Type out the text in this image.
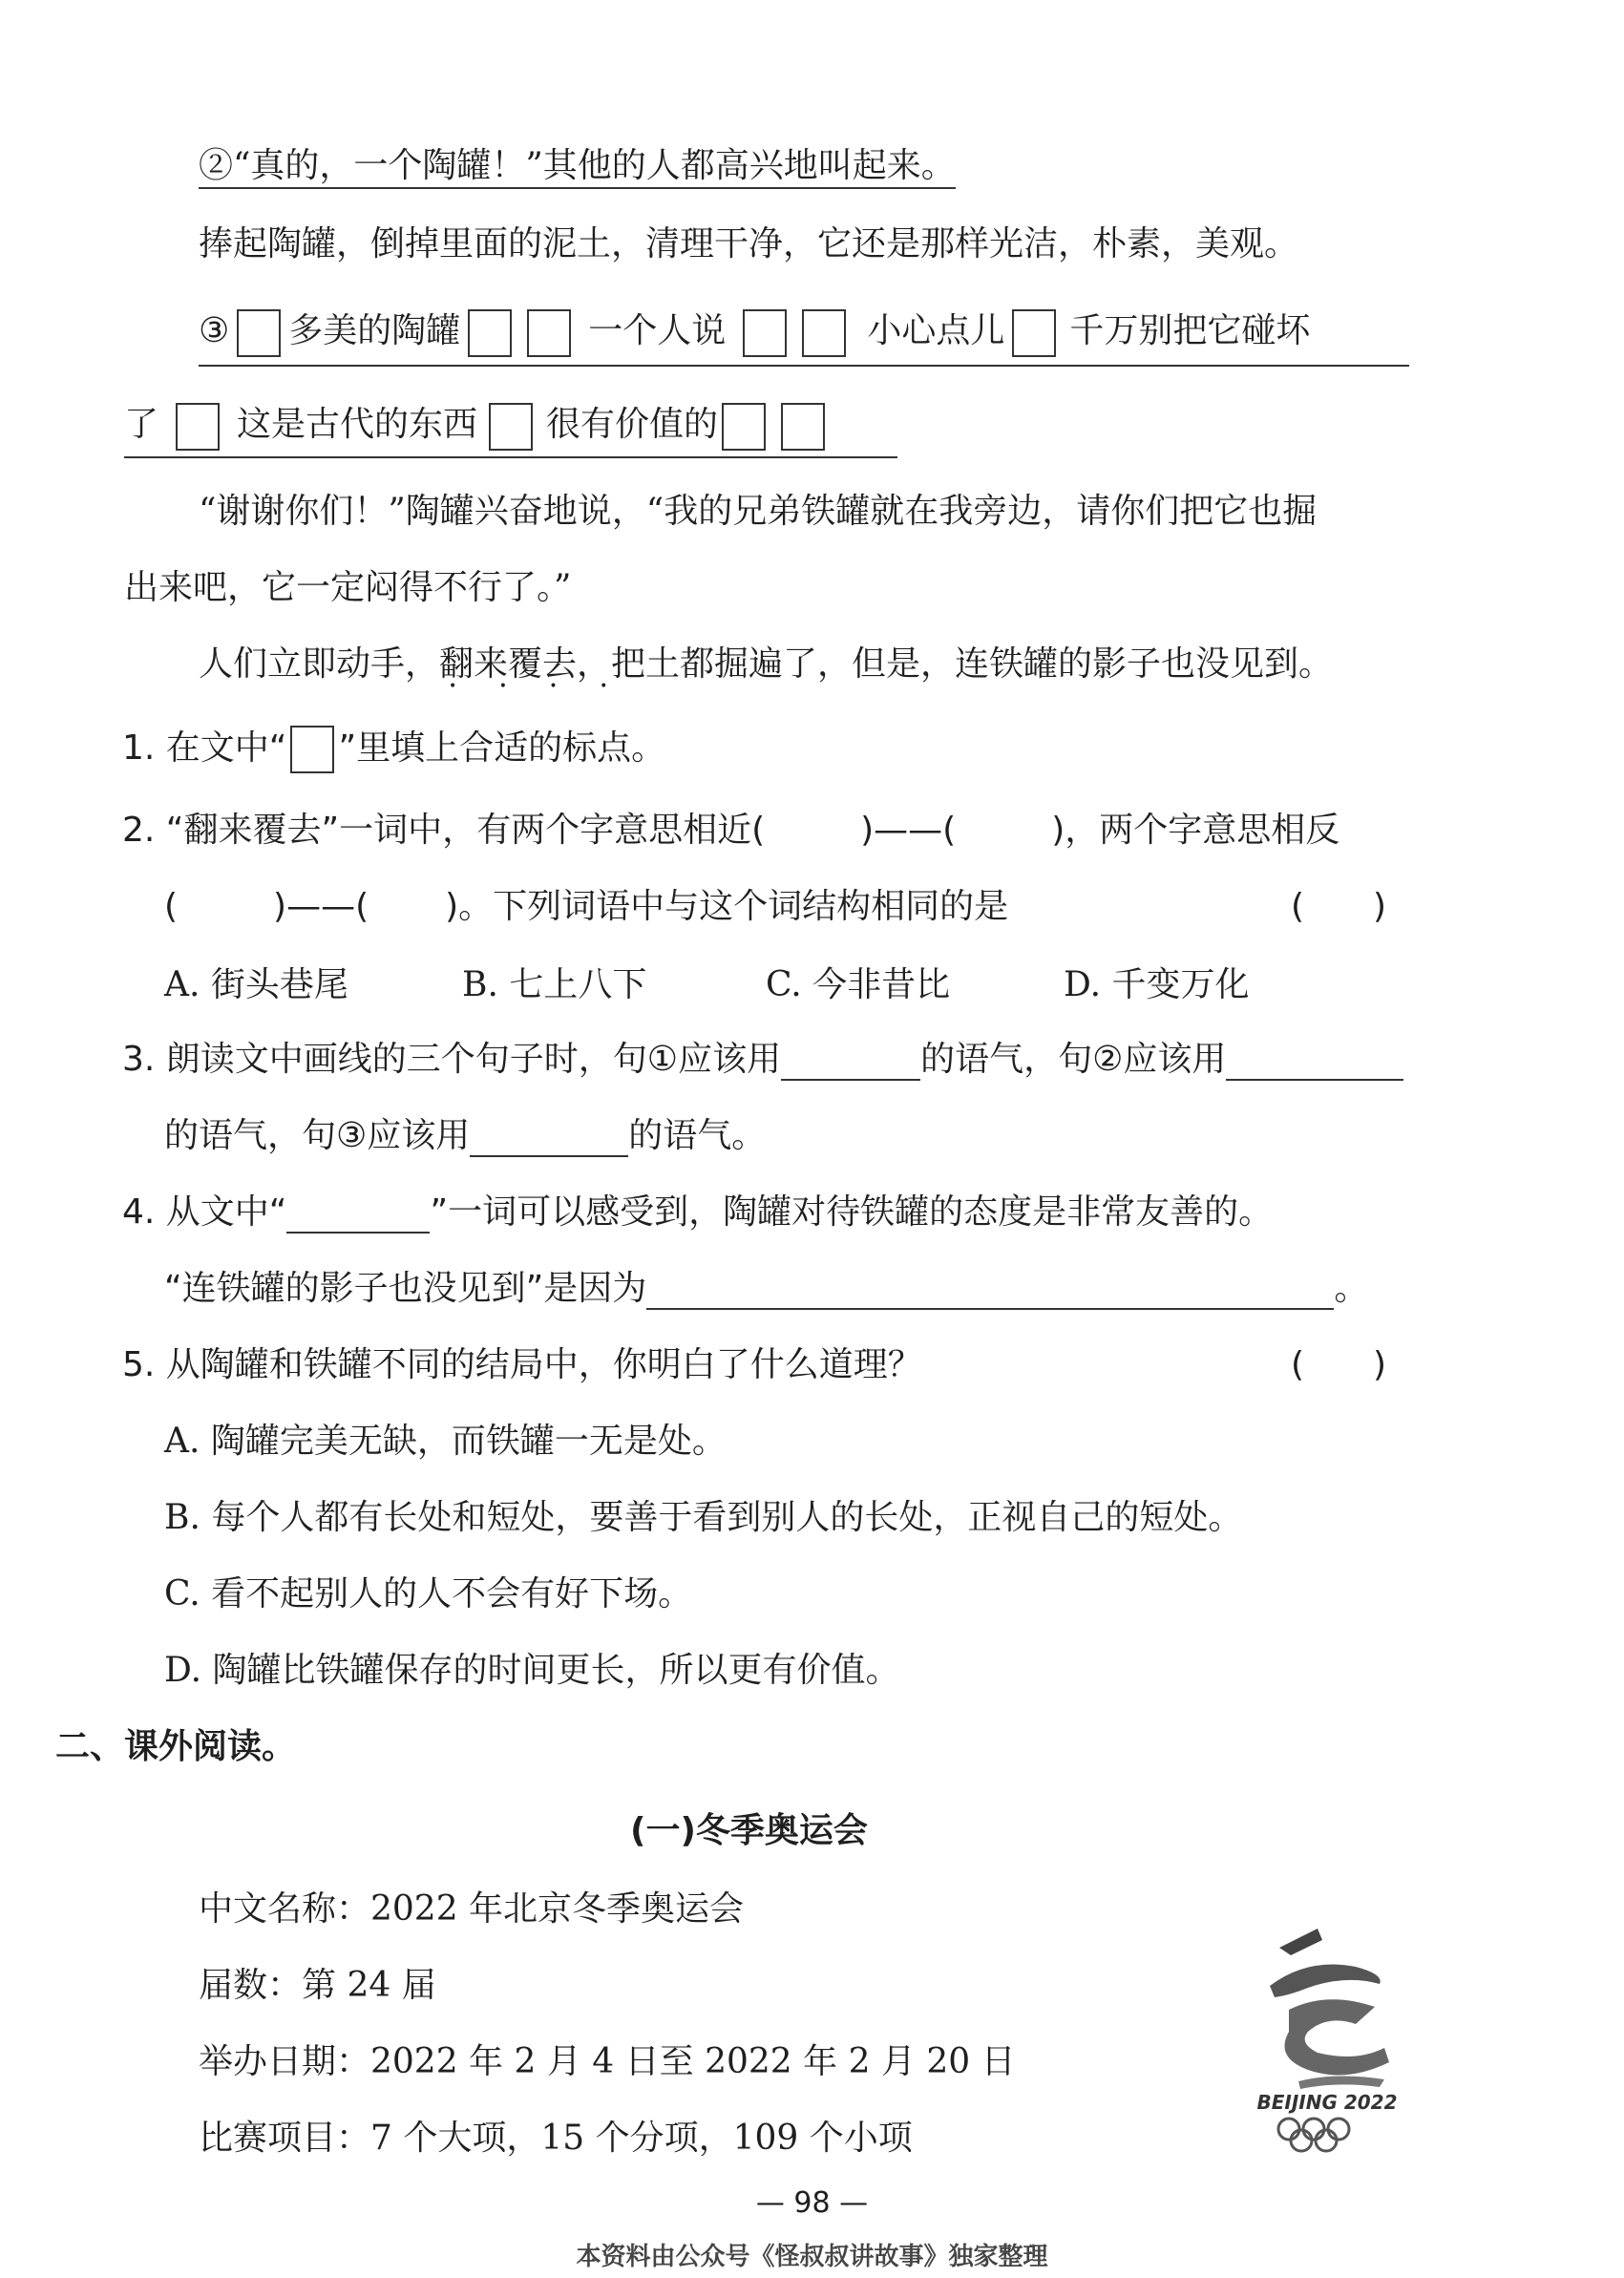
②“真的，一个陶罐！”其他的人都高兴地叫起来。
捧起陶罐，倒掉里面的泥土，清理干净，它还是那样光洁，朴素，美观。
③ 多美的陶罐	一个人说	小心点儿 千万别把它碰坏
了 这是古代的东西 很有价值的
“谢谢你们！”陶罐兴奋地说，“我的兄弟铁罐就在我旁边，请你们把它也掘
出来吧，它一定闷得不行了。”
人们立即动手，翻来覆去 • • • •，把土都掘遍了，但是，连铁罐的影子也没见到。
1. 在文中“ ”里填上合适的标点。
2. “翻来覆去”一词中，有两个字意思相近(	)——(	)，两个字意思相反
(	)——( )。下列词语中与这个词结构相同的是	(　　)
A. 街头巷尾	B. 七上八下	C. 今非昔比	D. 千变万化
3. 朗读文中画线的三个句子时，句①应该用	的语气，句②应该用
的语气，句③应该用	的语气。
4. 从文中“	”一词可以感受到，陶罐对待铁罐的态度是非常友善的。
“连铁罐的影子也没见到”是因为	。
5. 从陶罐和铁罐不同的结局中，你明白了什么道理？	(　　)
A. 陶罐完美无缺，而铁罐一无是处。
B. 每个人都有长处和短处，要善于看到别人的长处，正视自己的短处。
C. 看不起别人的人不会有好下场。
D. 陶罐比铁罐保存的时间更长，所以更有价值。
二、课外阅读。
(一)冬季奥运会
中文名称：2022 年北京冬季奥运会
届数：第 24 届
举办日期：2022 年 2 月 4 日至 2022 年 2 月 20 日
比赛项目：7 个大项，15 个分项，109 个小项
BEIJING 2022
— 98 —
本资料由公众号《怪叔叔讲故事》独家整理
